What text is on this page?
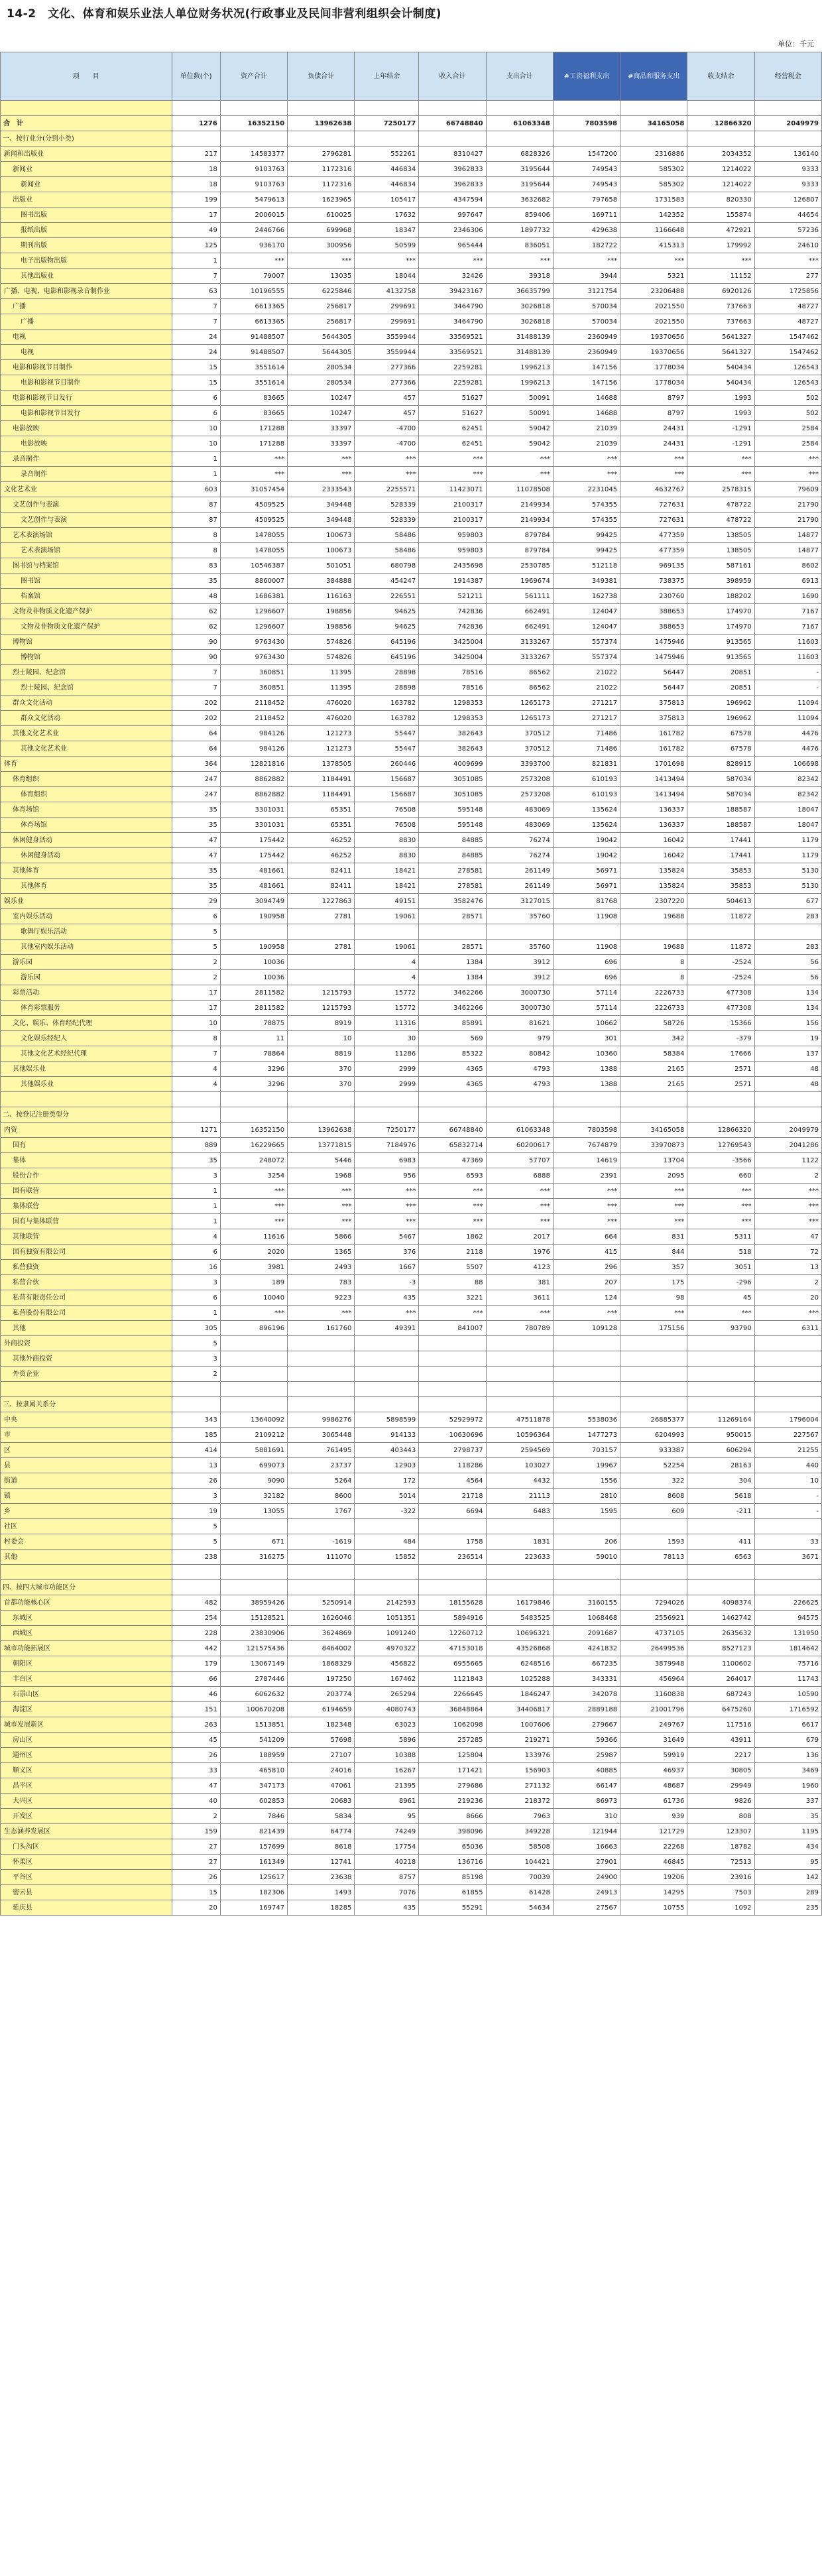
14-2　文化、体育和娱乐业法人单位财务状况(行政事业及民间非营利组织会计制度)
单位：千元
项　　目	单位数(个)	资产合计	负债合计	上年结余	收入合计	支出合计	#工资福利支出	#商品和服务支出	收支结余	经营税金

合　计	1276	16352150	13962638	7250177	66748840	61063348	7803598	34165058	12866320	2049979
一、按行业分(分到小类)										
新闻和出版业	217	14583377	2796281	552261	8310427	6828326	1547200	2316886	2034352	136140
新闻业	18	9103763	1172316	446834	3962833	3195644	749543	585302	1214022	9333
新闻业	18	9103763	1172316	446834	3962833	3195644	749543	585302	1214022	9333
出版业	199	5479613	1623965	105417	4347594	3632682	797658	1731583	820330	126807
图书出版	17	2006015	610025	17632	997647	859406	169711	142352	155874	44654
报纸出版	49	2446766	699968	18347	2346306	1897732	429638	1166648	472921	57236
期刊出版	125	936170	300956	50599	965444	836051	182722	415313	179992	24610
电子出版物出版	1	***	***	***	***	***	***	***	***	***
其他出版业	7	79007	13035	18044	32426	39318	3944	5321	11152	277
广播、电视、电影和影视录音制作业	63	10196555	6225846	4132758	39423167	36635799	3121754	23206488	6920126	1725856
广播	7	6613365	256817	299691	3464790	3026818	570034	2021550	737663	48727
广播	7	6613365	256817	299691	3464790	3026818	570034	2021550	737663	48727
电视	24	91488507	5644305	3559944	33569521	31488139	2360949	19370656	5641327	1547462
电视	24	91488507	5644305	3559944	33569521	31488139	2360949	19370656	5641327	1547462
电影和影视节目制作	15	3551614	280534	277366	2259281	1996213	147156	1778034	540434	126543
电影和影视节目制作	15	3551614	280534	277366	2259281	1996213	147156	1778034	540434	126543
电影和影视节目发行	6	83665	10247	457	51627	50091	14688	8797	1993	502
电影和影视节目发行	6	83665	10247	457	51627	50091	14688	8797	1993	502
电影放映	10	171288	33397	-4700	62451	59042	21039	24431	-1291	2584
电影放映	10	171288	33397	-4700	62451	59042	21039	24431	-1291	2584
录音制作	1	***	***	***	***	***	***	***	***	***
录音制作	1	***	***	***	***	***	***	***	***	***
文化艺术业	603	31057454	2333543	2255571	11423071	11078508	2231045	4632767	2578315	79609
文艺创作与表演	87	4509525	349448	528339	2100317	2149934	574355	727631	478722	21790
文艺创作与表演	87	4509525	349448	528339	2100317	2149934	574355	727631	478722	21790
艺术表演场馆	8	1478055	100673	58486	959803	879784	99425	477359	138505	14877
艺术表演场馆	8	1478055	100673	58486	959803	879784	99425	477359	138505	14877
图书馆与档案馆	83	10546387	501051	680798	2435698	2530785	512118	969135	587161	8602
图书馆	35	8860007	384888	454247	1914387	1969674	349381	738375	398959	6913
档案馆	48	1686381	116163	226551	521211	561111	162738	230760	188202	1690
文物及非物质文化遗产保护	62	1296607	198856	94625	742836	662491	124047	388653	174970	7167
文物及非物质文化遗产保护	62	1296607	198856	94625	742836	662491	124047	388653	174970	7167
博物馆	90	9763430	574826	645196	3425004	3133267	557374	1475946	913565	11603
博物馆	90	9763430	574826	645196	3425004	3133267	557374	1475946	913565	11603
烈士陵园、纪念馆	7	360851	11395	28898	78516	86562	21022	56447	20851	-
烈士陵园、纪念馆	7	360851	11395	28898	78516	86562	21022	56447	20851	-
群众文化活动	202	2118452	476020	163782	1298353	1265173	271217	375813	196962	11094
群众文化活动	202	2118452	476020	163782	1298353	1265173	271217	375813	196962	11094
其他文化艺术业	64	984126	121273	55447	382643	370512	71486	161782	67578	4476
其他文化艺术业	64	984126	121273	55447	382643	370512	71486	161782	67578	4476
体育	364	12821816	1378505	260446	4009699	3393700	821831	1701698	828915	106698
体育组织	247	8862882	1184491	156687	3051085	2573208	610193	1413494	587034	82342
体育组织	247	8862882	1184491	156687	3051085	2573208	610193	1413494	587034	82342
体育场馆	35	3301031	65351	76508	595148	483069	135624	136337	188587	18047
体育场馆	35	3301031	65351	76508	595148	483069	135624	136337	188587	18047
休闲健身活动	47	175442	46252	8830	84885	76274	19042	16042	17441	1179
休闲健身活动	47	175442	46252	8830	84885	76274	19042	16042	17441	1179
其他体育	35	481661	82411	18421	278581	261149	56971	135824	35853	5130
其他体育	35	481661	82411	18421	278581	261149	56971	135824	35853	5130
娱乐业	29	3094749	1227863	49151	3582476	3127015	81768	2307220	504613	677
室内娱乐活动	6	190958	2781	19061	28571	35760	11908	19688	11872	283
歌舞厅娱乐活动	5									
其他室内娱乐活动	5	190958	2781	19061	28571	35760	11908	19688	11872	283
游乐园	2	10036		4	1384	3912	696	8	-2524	56
游乐园	2	10036		4	1384	3912	696	8	-2524	56
彩票活动	17	2811582	1215793	15772	3462266	3000730	57114	2226733	477308	134
体育彩票服务	17	2811582	1215793	15772	3462266	3000730	57114	2226733	477308	134
文化、娱乐、体育经纪代理	10	78875	8919	11316	85891	81621	10662	58726	15366	156
文化娱乐经纪人	8	11	10	30	569	979	301	342	-379	19
其他文化艺术经纪代理	7	78864	8819	11286	85322	80842	10360	58384	17666	137
其他娱乐业	4	3296	370	2999	4365	4793	1388	2165	2571	48
其他娱乐业	4	3296	370	2999	4365	4793	1388	2165	2571	48

二、按登记注册类型分										
内资	1271	16352150	13962638	7250177	66748840	61063348	7803598	34165058	12866320	2049979
国有	889	16229665	13771815	7184976	65832714	60200617	7674879	33970873	12769543	2041286
集体	35	248072	5446	6983	47369	57707	14619	13704	-3566	1122
股份合作	3	3254	1968	956	6593	6888	2391	2095	660	2
国有联营	1	***	***	***	***	***	***	***	***	***
集体联营	1	***	***	***	***	***	***	***	***	***
国有与集体联营	1	***	***	***	***	***	***	***	***	***
其他联营	4	11616	5866	5467	1862	2017	664	831	5311	47
国有独资有限公司	6	2020	1365	376	2118	1976	415	844	518	72
私营独资	16	3981	2493	1667	5507	4123	296	357	3051	13
私营合伙	3	189	783	-3	88	381	207	175	-296	2
私营有限责任公司	6	10040	9223	435	3221	3611	124	98	45	20
私营股份有限公司	1	***	***	***	***	***	***	***	***	***
其他	305	896196	161760	49391	841007	780789	109128	175156	93790	6311
外商投资	5									
其他外商投资	3									
外资企业	2									

三、按隶属关系分										
中央	343	13640092	9986276	5898599	52929972	47511878	5538036	26885377	11269164	1796004
市	185	2109212	3065448	914133	10630696	10596364	1477273	6204993	950015	227567
区	414	5881691	761495	403443	2798737	2594569	703157	933387	606294	21255
县	13	699073	23737	12903	118286	103027	19967	52254	28163	440
街道	26	9090	5264	172	4564	4432	1556	322	304	10
镇	3	32182	8600	5014	21718	21113	2810	8608	5618	-
乡	19	13055	1767	-322	6694	6483	1595	609	-211	-
社区	5									
村委会	5	671	-1619	484	1758	1831	206	1593	411	33
其他	238	316275	111070	15852	236514	223633	59010	78113	6563	3671

四、按四大城市功能区分										
首都功能核心区	482	38959426	5250914	2142593	18155628	16179846	3160155	7294026	4098374	226625
东城区	254	15128521	1626046	1051351	5894916	5483525	1068468	2556921	1462742	94575
西城区	228	23830906	3624869	1091240	12260712	10696321	2091687	4737105	2635632	131950
城市功能拓展区	442	121575436	8464002	4970322	47153018	43526868	4241832	26499536	8527123	1814642
朝阳区	179	13067149	1868329	456822	6955665	6248516	667235	3879948	1100602	75716
丰台区	66	2787446	197250	167462	1121843	1025288	343331	456964	264017	11743
石景山区	46	6062632	203774	265294	2266645	1846247	342078	1160838	687243	10590
海淀区	151	100670208	6194659	4080743	36848864	34406817	2889188	21001796	6475260	1716592
城市发展新区	263	1513851	182348	63023	1062098	1007606	279667	249767	117516	6617
房山区	45	541209	57698	5896	257285	219271	59366	31649	43911	679
通州区	26	188959	27107	10388	125804	133976	25987	59919	2217	136
顺义区	33	465810	24016	16267	171421	156903	40885	46937	30805	3469
昌平区	47	347173	47061	21395	279686	271132	66147	48687	29949	1960
大兴区	40	602853	20683	8961	219236	218372	86973	61736	9826	337
开发区	2	7846	5834	95	8666	7963	310	939	808	35
生态涵养发展区	159	821439	64774	74249	398096	349228	121944	121729	123307	1195
门头沟区	27	157699	8618	17754	65036	58508	16663	22268	18782	434
怀柔区	27	161349	12741	40218	136716	104421	27901	46845	72513	95
平谷区	26	125617	23638	8757	85198	70039	24900	19206	23916	142
密云县	15	182306	1493	7076	61855	61428	24913	14295	7503	289
延庆县	20	169747	18285	435	55291	54634	27567	10755	1092	235
